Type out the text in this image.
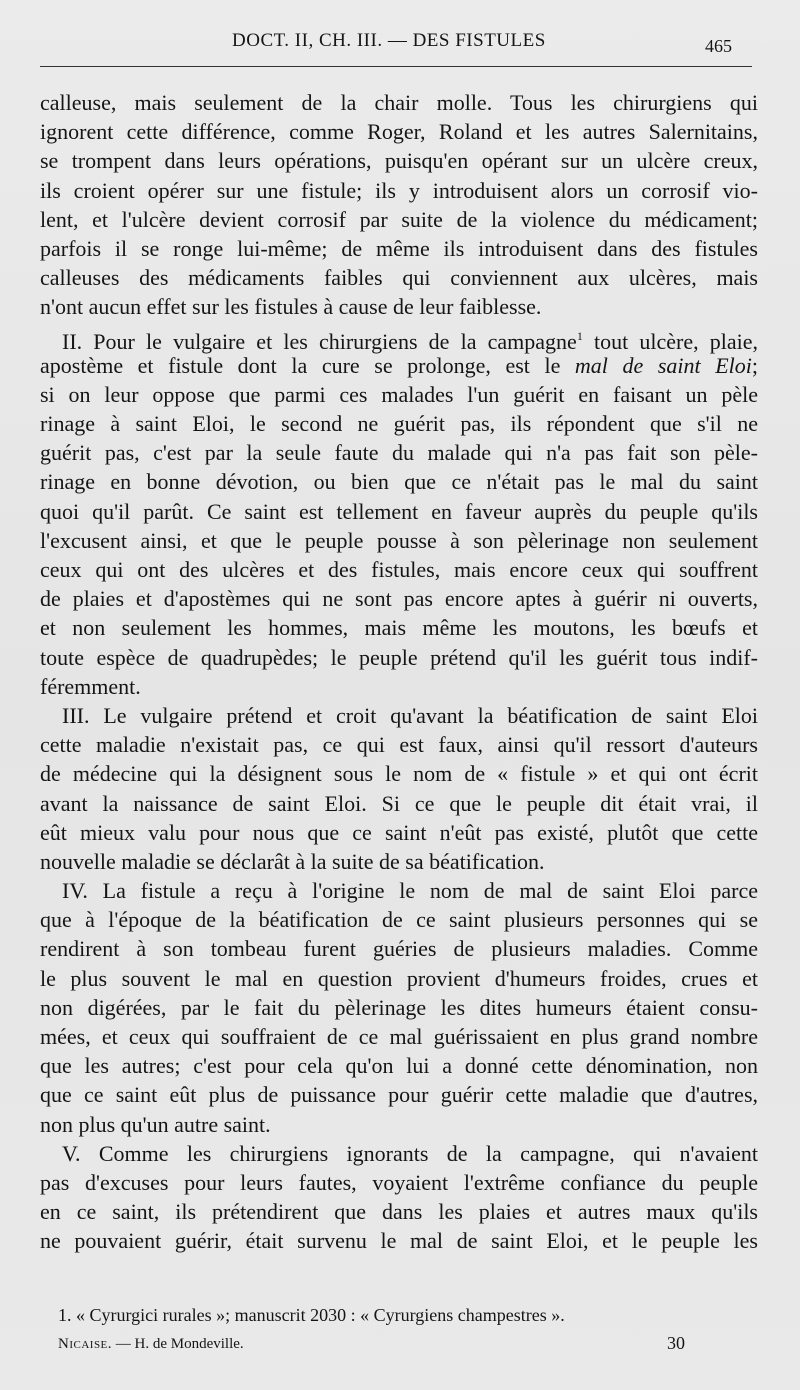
DOCT. II, CH. III. — DES FISTULES	465
calleuse, mais seulement de la chair molle. Tous les chirurgiens qui
ignorent cette différence, comme Roger, Roland et les autres Salernitains,
se trompent dans leurs opérations, puisqu'en opérant sur un ulcère creux,
ils croient opérer sur une fistule; ils y introduisent alors un corrosif vio-
lent, et l'ulcère devient corrosif par suite de la violence du médicament;
parfois il se ronge lui-même; de même ils introduisent dans des fistules
calleuses des médicaments faibles qui conviennent aux ulcères, mais
n'ont aucun effet sur les fistules à cause de leur faiblesse.
II. Pour le vulgaire et les chirurgiens de la campagne$^1$ tout ulcère, plaie,
apostème et fistule dont la cure se prolonge, est le mal de saint Eloi;
si on leur oppose que parmi ces malades l'un guérit en faisant un pèle
rinage à saint Eloi, le second ne guérit pas, ils répondent que s'il ne
guérit pas, c'est par la seule faute du malade qui n'a pas fait son pèle-
rinage en bonne dévotion, ou bien que ce n'était pas le mal du saint
quoi qu'il parût. Ce saint est tellement en faveur auprès du peuple qu'ils
l'excusent ainsi, et que le peuple pousse à son pèlerinage non seulement
ceux qui ont des ulcères et des fistules, mais encore ceux qui souffrent
de plaies et d'apostèmes qui ne sont pas encore aptes à guérir ni ouverts,
et non seulement les hommes, mais même les moutons, les bœufs et
toute espèce de quadrupèdes; le peuple prétend qu'il les guérit tous indif-
féremment.
III. Le vulgaire prétend et croit qu'avant la béatification de saint Eloi
cette maladie n'existait pas, ce qui est faux, ainsi qu'il ressort d'auteurs
de médecine qui la désignent sous le nom de « fistule » et qui ont écrit
avant la naissance de saint Eloi. Si ce que le peuple dit était vrai, il
eût mieux valu pour nous que ce saint n'eût pas existé, plutôt que cette
nouvelle maladie se déclarât à la suite de sa béatification.
IV. La fistule a reçu à l'origine le nom de mal de saint Eloi parce
que à l'époque de la béatification de ce saint plusieurs personnes qui se
rendirent à son tombeau furent guéries de plusieurs maladies. Comme
le plus souvent le mal en question provient d'humeurs froides, crues et
non digérées, par le fait du pèlerinage les dites humeurs étaient consu-
mées, et ceux qui souffraient de ce mal guérissaient en plus grand nombre
que les autres; c'est pour cela qu'on lui a donné cette dénomination, non
que ce saint eût plus de puissance pour guérir cette maladie que d'autres,
non plus qu'un autre saint.
V. Comme les chirurgiens ignorants de la campagne, qui n'avaient
pas d'excuses pour leurs fautes, voyaient l'extrême confiance du peuple
en ce saint, ils prétendirent que dans les plaies et autres maux qu'ils
ne pouvaient guérir, était survenu le mal de saint Eloi, et le peuple les
1. « Cyrurgici rurales »; manuscrit 2030 : « Cyrurgiens champestres ».
Nicaise. — H. de Mondeville.	30
